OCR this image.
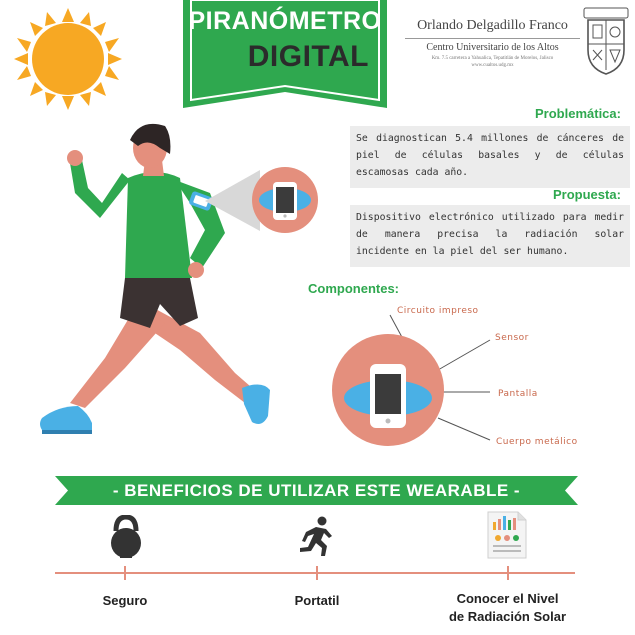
PIRANÓMETRO
DIGITAL
Orlando Delgadillo Franco
Centro Universitario de los Altos
Km. 7.5 carretera a Yahualica, Tepatitlán de Morelos, Jalisco
www.cualtos.udg.mx
Problemática:
Se diagnostican 5.4 millones de cánceres de piel de células basales y de células escamosas cada año.
Propuesta:
Dispositivo electrónico utilizado para medir de manera precisa la radiación solar incidente en la piel del ser humano.
Componentes:
Circuito impreso
Sensor
Pantalla
Cuerpo metálico
- BENEFICIOS DE UTILIZAR ESTE WEARABLE -
Seguro	Portatil	Conocer el Nivel
de Radiación Solar
